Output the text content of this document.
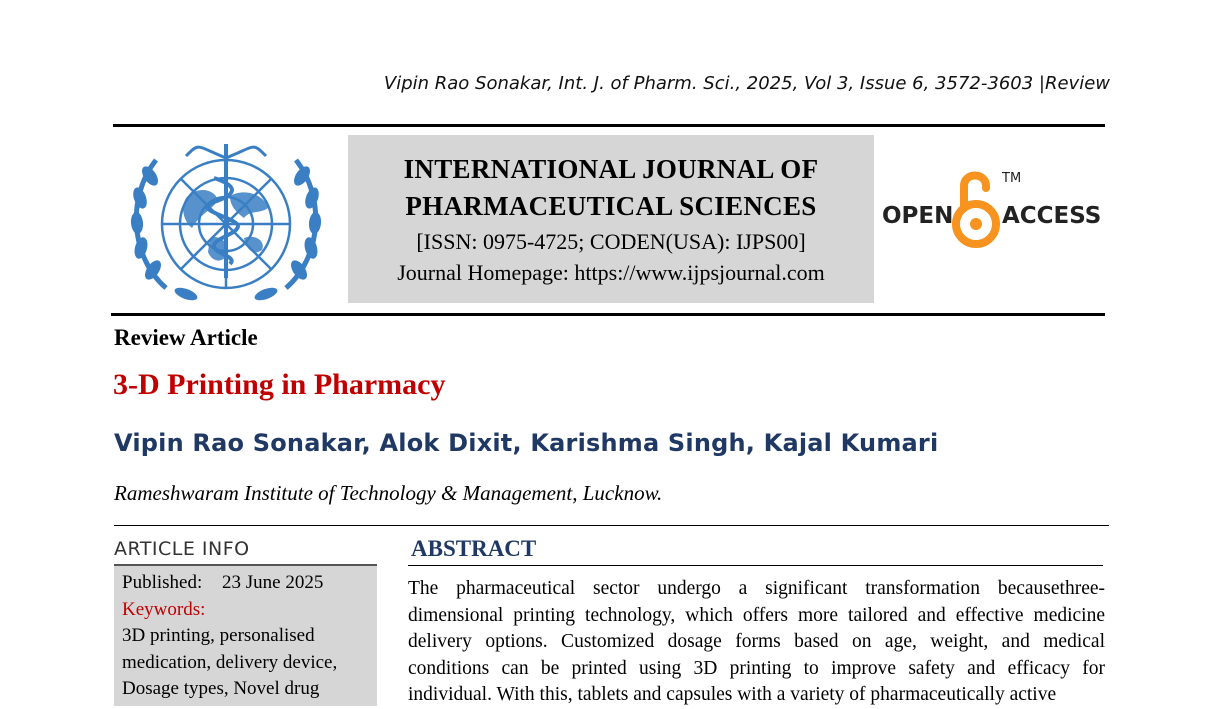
Vipin Rao Sonakar, Int. J. of Pharm. Sci., 2025, Vol 3, Issue 6, 3572-3603 |Review
INTERNATIONAL JOURNAL OF
PHARMACEUTICAL SCIENCES
[ISSN: 0975-4725; CODEN(USA): IJPS00]
Journal Homepage: https://www.ijpsjournal.com
OPEN ACCESS
TM
Review Article
3-D Printing in Pharmacy
Vipin Rao Sonakar, Alok Dixit, Karishma Singh, Kajal Kumari
Rameshwaram Institute of Technology & Management, Lucknow.
ARTICLE INFO
Published: 23 June 2025
Keywords:
3D printing, personalised
medication, delivery device,
Dosage types, Novel drug
ABSTRACT
The pharmaceutical sector undergo a significant transformation becausethree-dimensional printing technology, which offers more tailored and effective medicine delivery options. Customized dosage forms based on age, weight, and medical conditions can be printed using 3D printing to improve safety and efficacy for individual. With this, tablets and capsules with a variety of pharmaceutically active
